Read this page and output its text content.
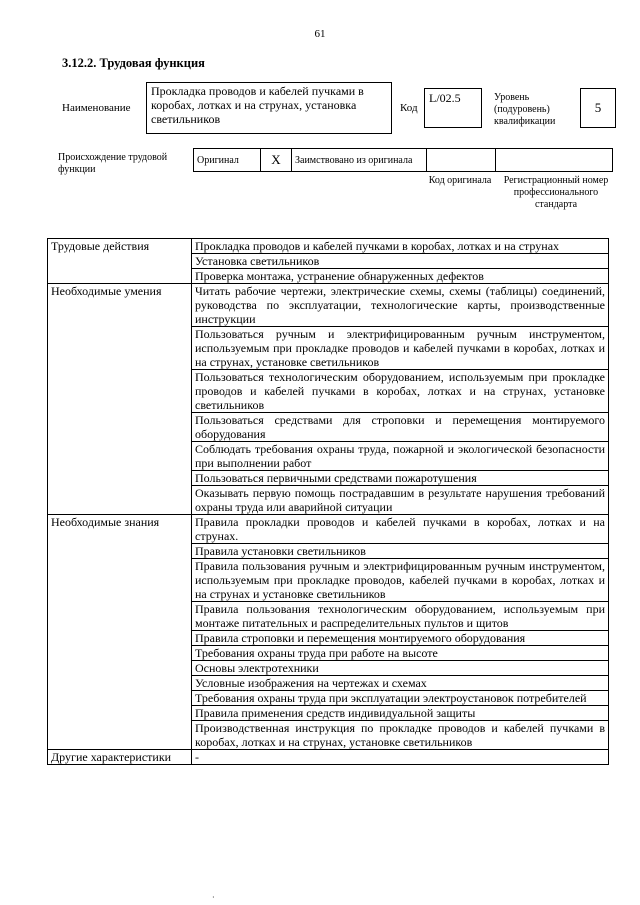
61
3.12.2. Трудовая функция
Наименование
Прокладка проводов и кабелей пучками в коробах, лотках и на струнах, установка светильников
Код
L/02.5	Уровень (подуровень) квалификации
5
Происхождение трудовой функции
Оригинал	X	Заимствовано из оригинала		
Код оригинала	Регистрационный номер профессионального стандарта
Трудовые действия	Прокладка проводов и кабелей пучками в коробах, лотках и на струнах
	Установка светильников
	Проверка монтажа, устранение обнаруженных дефектов
Необходимые умения	Читать рабочие чертежи, электрические схемы, схемы (таблицы) соединений, руководства по эксплуатации, технологические карты, производственные инструкции
	Пользоваться ручным и электрифицированным ручным инструментом, используемым при прокладке проводов и кабелей пучками в коробах, лотках и на струнах, установке светильников
	Пользоваться технологическим оборудованием, используемым при прокладке проводов и кабелей пучками в коробах, лотках и на струнах, установке светильников
	Пользоваться средствами для строповки и перемещения монтируемого оборудования
	Соблюдать требования охраны труда, пожарной и экологической безопасности при выполнении работ
	Пользоваться первичными средствами пожаротушения
	Оказывать первую помощь пострадавшим в результате нарушения требований охраны труда или аварийной ситуации
Необходимые знания	Правила прокладки проводов и кабелей пучками в коробах, лотках и на струнах.
	Правила установки светильников
	Правила пользования ручным и электрифицированным ручным инструментом, используемым при прокладке проводов, кабелей пучками в коробах, лотках и на струнах и установке светильников
	Правила пользования технологическим оборудованием, используемым при монтаже питательных и распределительных пультов и щитов
	Правила строповки и перемещения монтируемого оборудования
	Требования охраны труда при работе на высоте
	Основы электротехники
	Условные изображения на чертежах и схемах
	Требования охраны труда при эксплуатации электроустановок потребителей
	Правила применения средств индивидуальной защиты
	Производственная инструкция по прокладке проводов и кабелей пучками в коробах, лотках и на струнах, установке светильников
Другие характеристики	-
·
